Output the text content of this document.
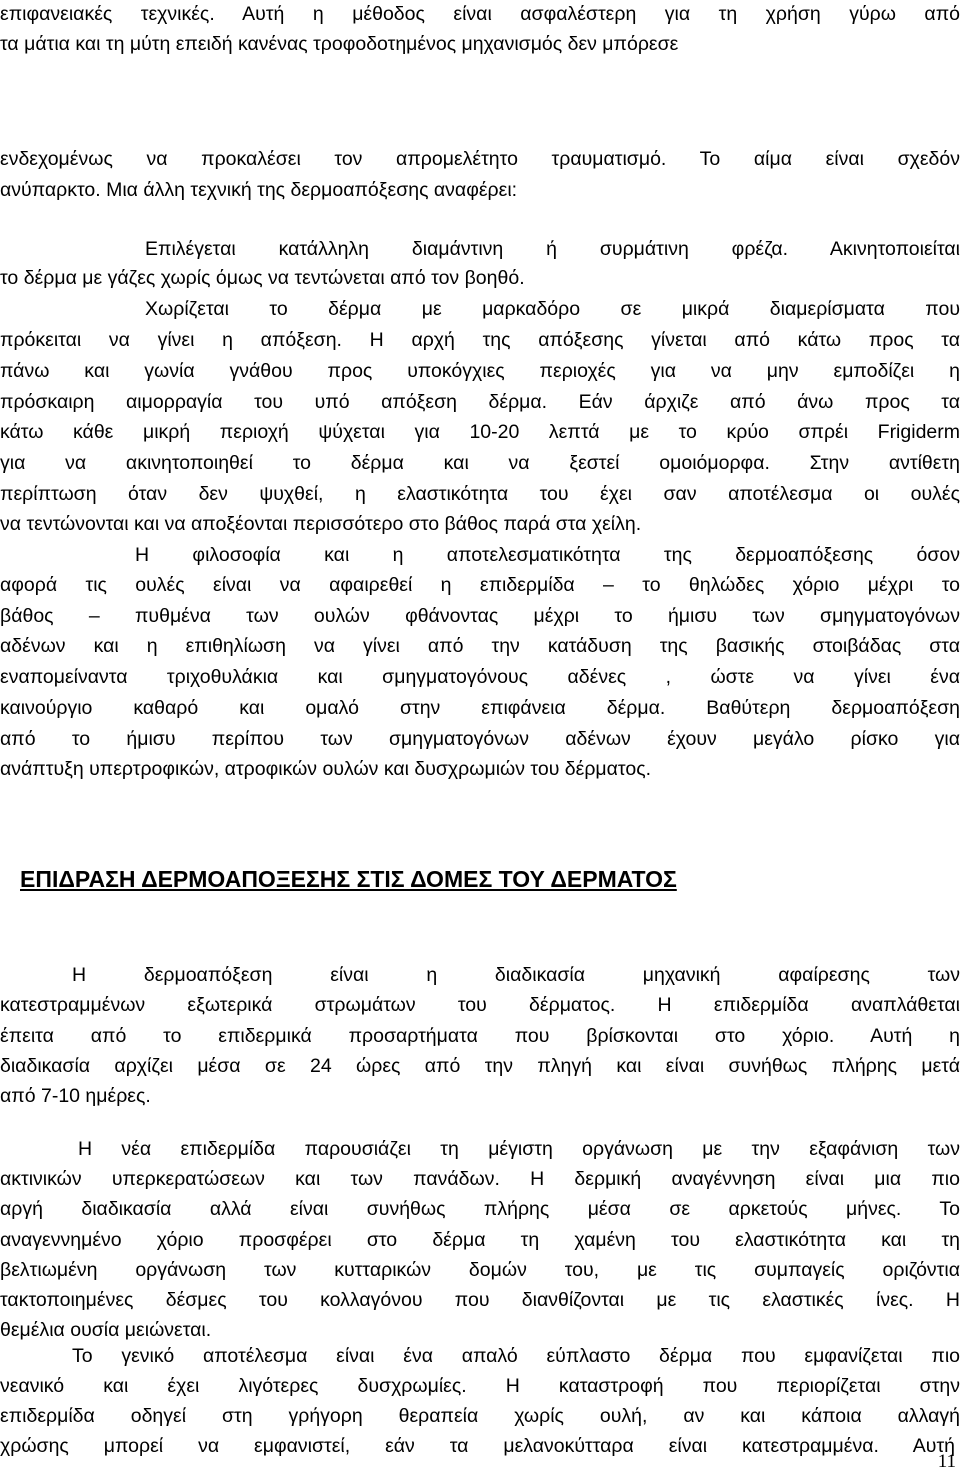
επιφανειακές τεχνικές. Αυτή η μέθοδος είναι ασφαλέστερη για τη χρήση γύρω από
τα μάτια και τη μύτη επειδή κανένας τροφοδοτημένος μηχανισμός δεν μπόρεσε
ενδεχομένως να προκαλέσει τον απρομελέτητο τραυματισμό. Το αίμα είναι σχεδόν
ανύπαρκτο. Μια άλλη τεχνική της δερμοαπόξεσης αναφέρει:
Επιλέγεται κατάλληλη διαμάντινη ή συρμάτινη φρέζα. Ακινητοποιείται
το δέρμα με γάζες χωρίς όμως να τεντώνεται από τον βοηθό.
Χωρίζεται το δέρμα με μαρκαδόρο σε μικρά διαμερίσματα που
πρόκειται να γίνει η απόξεση. Η αρχή της απόξεσης γίνεται από κάτω προς τα
πάνω και γωνία γνάθου προς υποκόγχιες περιοχές για να μην εμποδίζει η
πρόσκαιρη αιμορραγία του υπό απόξεση δέρμα. Εάν άρχιζε από άνω προς τα
κάτω κάθε μικρή περιοχή ψύχεται για 10-20 λεπτά με το κρύο σπρέι Frigiderm
για να ακινητοποιηθεί το δέρμα και να ξεστεί ομοιόμορφα. Στην αντίθετη
περίπτωση όταν δεν ψυχθεί, η ελαστικότητα του έχει σαν αποτέλεσμα οι ουλές
να τεντώνονται και να αποξέονται περισσότερο στο βάθος παρά στα χείλη.
Η φιλοσοφία και η αποτελεσματικότητα της δερμοαπόξεσης όσον
αφορά τις ουλές είναι να αφαιρεθεί η επιδερμίδα – το θηλώδες χόριο μέχρι το
βάθος – πυθμένα των ουλών φθάνοντας μέχρι το ήμισυ των σμηγματογόνων
αδένων και η επιθηλίωση να γίνει από την κατάδυση της βασικής στοιβάδας στα
εναπομείναντα τριχοθυλάκια και σμηγματογόνους αδένες , ώστε να γίνει ένα
καινούργιο καθαρό και ομαλό στην επιφάνεια δέρμα. Βαθύτερη δερμοαπόξεση
από το ήμισυ περίπου των σμηγματογόνων αδένων έχουν μεγάλο ρίσκο για
ανάπτυξη υπερτροφικών, ατροφικών ουλών και δυσχρωμιών του δέρματος.
ΕΠΙΔΡΑΣΗ ΔΕΡΜΟΑΠΟΞΕΣΗΣ ΣΤΙΣ ΔΟΜΕΣ ΤΟΥ ΔΕΡΜΑΤΟΣ
Η δερμοαπόξεση είναι η διαδικασία μηχανική αφαίρεσης των
κατεστραμμένων εξωτερικά στρωμάτων του δέρματος. Η επιδερμίδα αναπλάθεται
έπειτα από το επιδερμικά προσαρτήματα που βρίσκονται στο χόριο. Αυτή η
διαδικασία αρχίζει μέσα σε 24 ώρες από την πληγή και είναι συνήθως πλήρης μετά
από 7-10 ημέρες.
Η νέα επιδερμίδα παρουσιάζει τη μέγιστη οργάνωση με την εξαφάνιση των
ακτινικών υπερκερατώσεων και των πανάδων. Η δερμική αναγέννηση είναι μια πιο
αργή διαδικασία αλλά είναι συνήθως πλήρης μέσα σε αρκετούς μήνες. Το
αναγεννημένο χόριο προσφέρει στο δέρμα τη χαμένη του ελαστικότητα και τη
βελτιωμένη οργάνωση των κυτταρικών δομών του, με τις συμπαγείς οριζόντια
τακτοποιημένες δέσμες του κολλαγόνου που διανθίζονται με τις ελαστικές ίνες. Η
θεμέλια ουσία μειώνεται.
Το γενικό αποτέλεσμα είναι ένα απαλό εύπλαστο δέρμα που εμφανίζεται πιο
νεανικό και έχει λιγότερες δυσχρωμίες. Η καταστροφή που περιορίζεται στην
επιδερμίδα οδηγεί στη γρήγορη θεραπεία χωρίς ουλή, αν και κάποια αλλαγή
χρώσης μπορεί να εμφανιστεί, εάν τα μελανοκύτταρα είναι κατεστραμμένα. Αυτή
11
